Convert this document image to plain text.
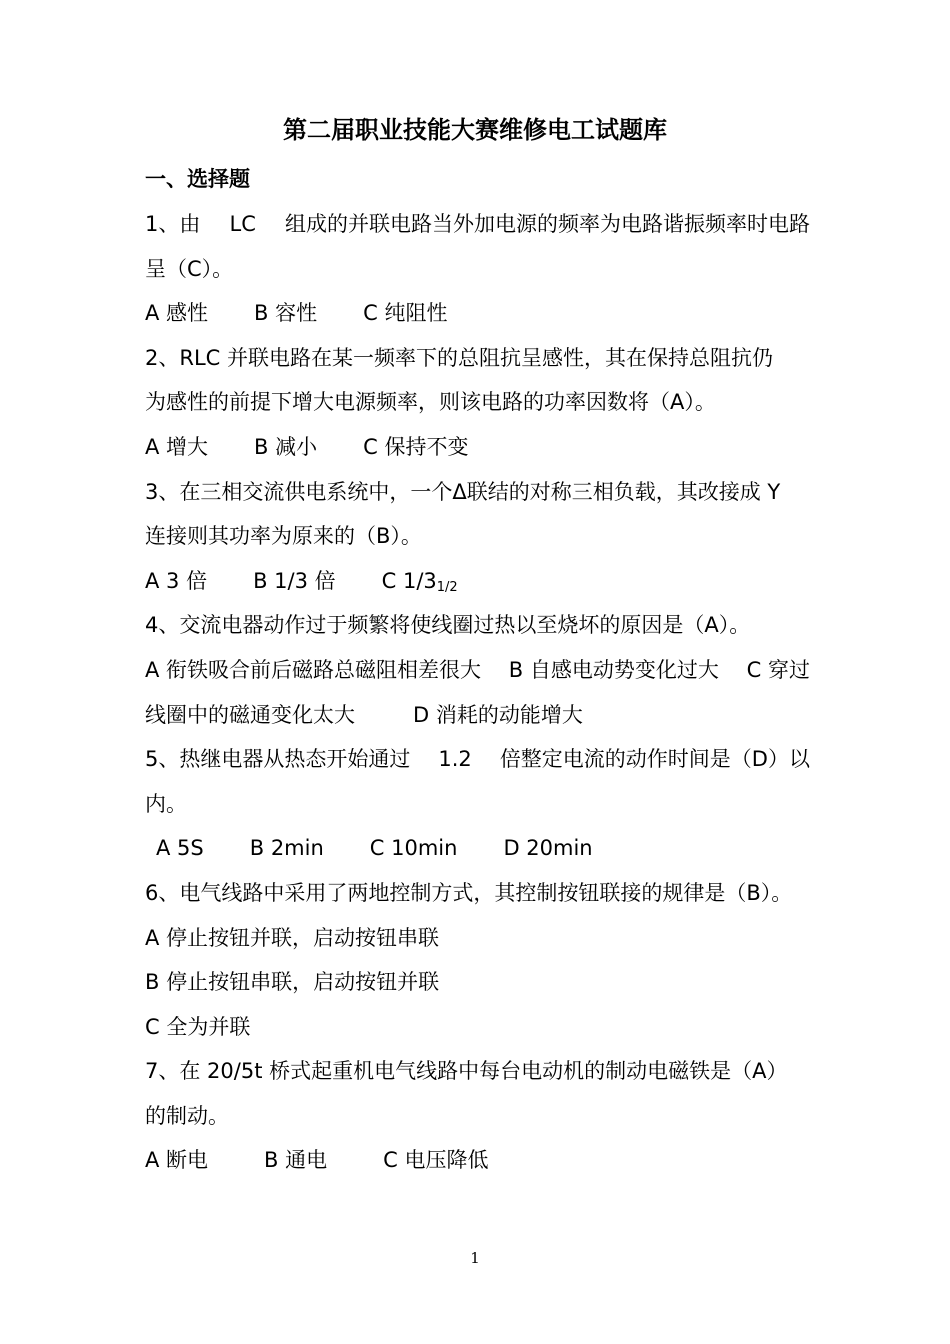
第二届职业技能大赛维修电工试题库
一、选择题
1、由 LC 组成的并联电路当外加电源的频率为电路谐振频率时电路
呈（C）。
A 感性 B 容性 C 纯阻性
2、RLC 并联电路在某一频率下的总阻抗呈感性，其在保持总阻抗仍
为感性的前提下增大电源频率，则该电路的功率因数将（A）。
A 增大 B 减小 C 保持不变
3、在三相交流供电系统中，一个Δ联结的对称三相负载，其改接成 Y
连接则其功率为原来的（B）。
A 3 倍 B 1/3 倍 C $1/3_{1/2}$
4、交流电器动作过于频繁将使线圈过热以至烧坏的原因是（A）。
A 衔铁吸合前后磁路总磁阻相差很大 B 自感电动势变化过大 C 穿过
线圈中的磁通变化太大	D 消耗的动能增大
5、热继电器从热态开始通过 1.2 倍整定电流的动作时间是（D）以
内。
A 5S B 2min C 10min D 20min
6、电气线路中采用了两地控制方式，其控制按钮联接的规律是（B）。
A 停止按钮并联，启动按钮串联
B 停止按钮串联，启动按钮并联
C 全为并联
7、在 20/5t 桥式起重机电气线路中每台电动机的制动电磁铁是（A）
的制动。
A 断电	B 通电	C 电压降低
1
